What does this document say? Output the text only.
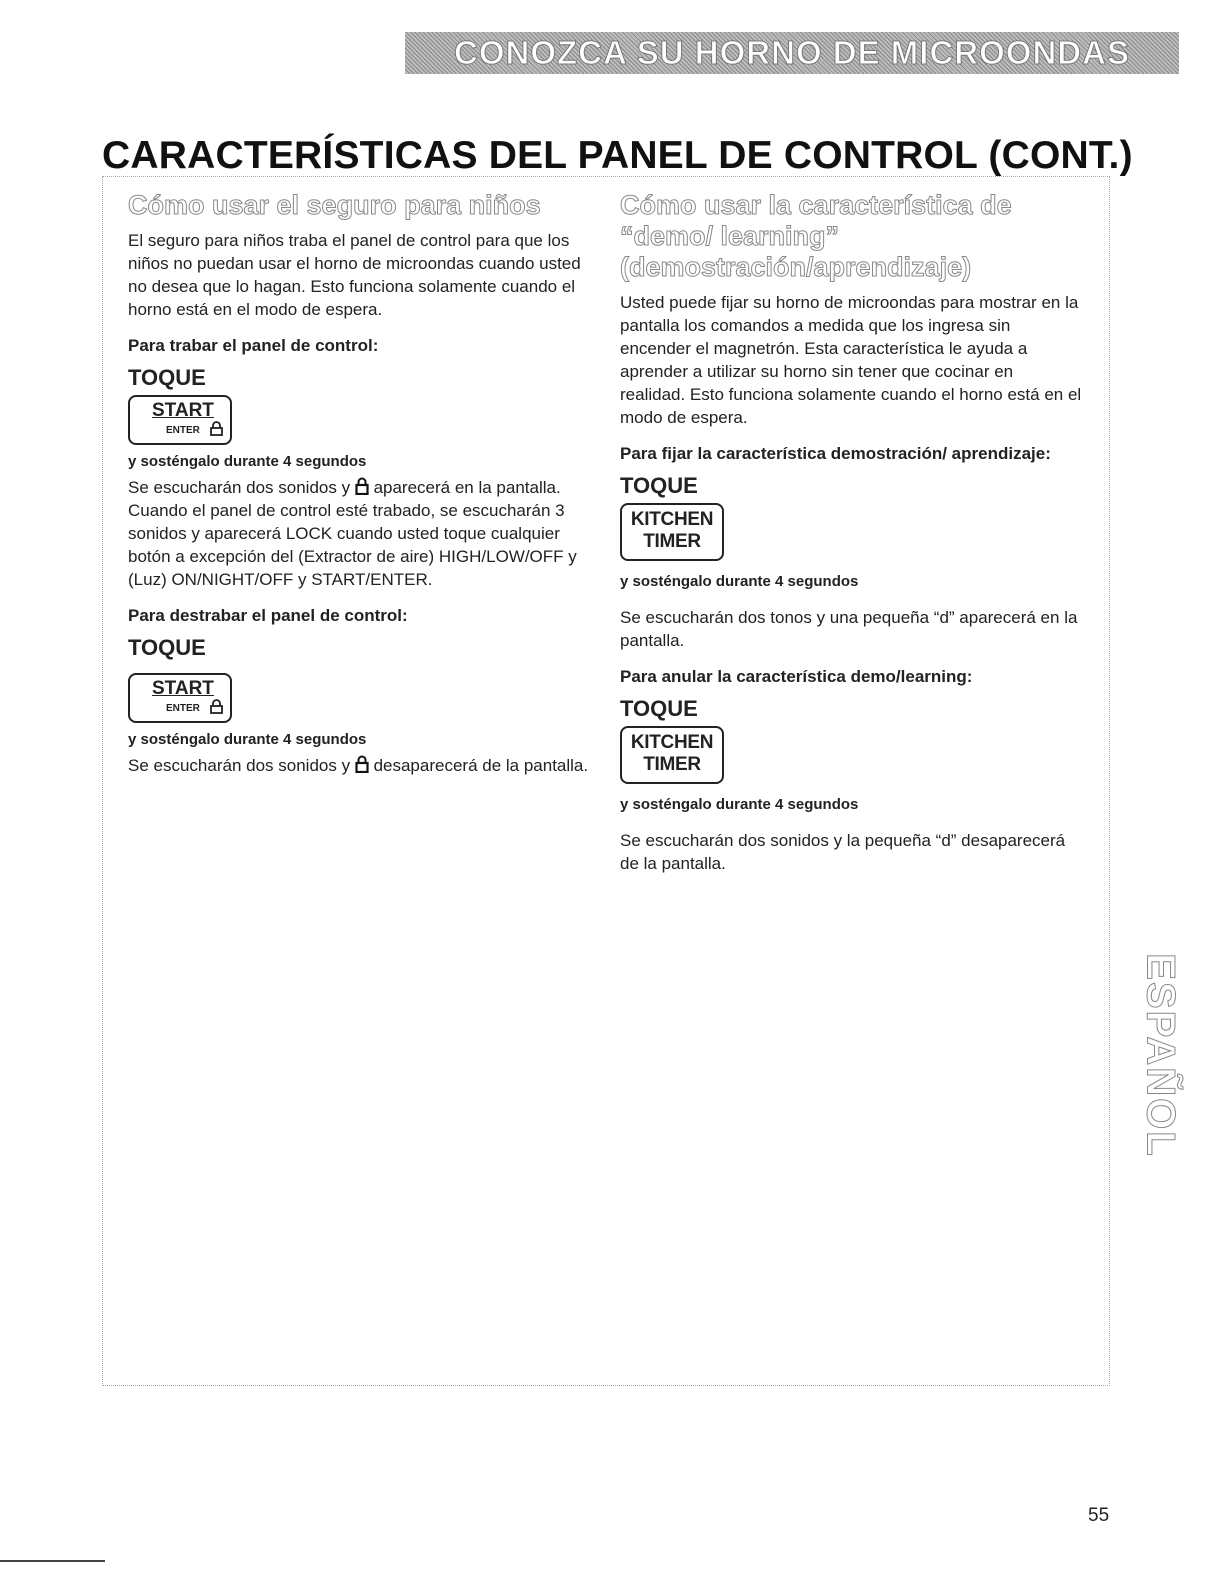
CONOZCA SU HORNO DE MICROONDAS
CARACTERÍSTICAS DEL PANEL DE CONTROL (CONT.)
Cómo usar el seguro para niños

El seguro para niños traba el panel de control para que los niños no puedan usar el horno de microondas cuando usted no desea que lo hagan. Esto funciona solamente cuando el horno está en el modo de espera.

Para trabar el panel de control:
TOQUE
START
ENTER
y sosténgalo durante 4 segundos

Se escucharán dos sonidos y aparecerá en la pantalla. Cuando el panel de control esté trabado, se escucharán 3 sonidos y aparecerá LOCK cuando usted toque cualquier botón a excepción del (Extractor de aire) HIGH/LOW/OFF y (Luz) ON/NIGHT/OFF y START/ENTER.

Para destrabar el panel de control:
TOQUE
START
ENTER
y sosténgalo durante 4 segundos

Se escucharán dos sonidos y desaparecerá de la pantalla.

Cómo usar la característica de “demo/ learning” (demostración/aprendizaje)

Usted puede fijar su horno de microondas para mostrar en la pantalla los comandos a medida que los ingresa sin encender el magnetrón. Esta característica le ayuda a aprender a utilizar su horno sin tener que cocinar en realidad. Esto funciona solamente cuando el horno está en el modo de espera.

Para fijar la característica demostración/ aprendizaje:
TOQUE
KITCHEN
TIMER
y sosténgalo durante 4 segundos

Se escucharán dos tonos y una pequeña “d” aparecerá en la pantalla.

Para anular la característica demo/learning:
TOQUE
KITCHEN
TIMER
y sosténgalo durante 4 segundos

Se escucharán dos sonidos y la pequeña “d” desaparecerá de la pantalla.

ESPAÑOL
55
